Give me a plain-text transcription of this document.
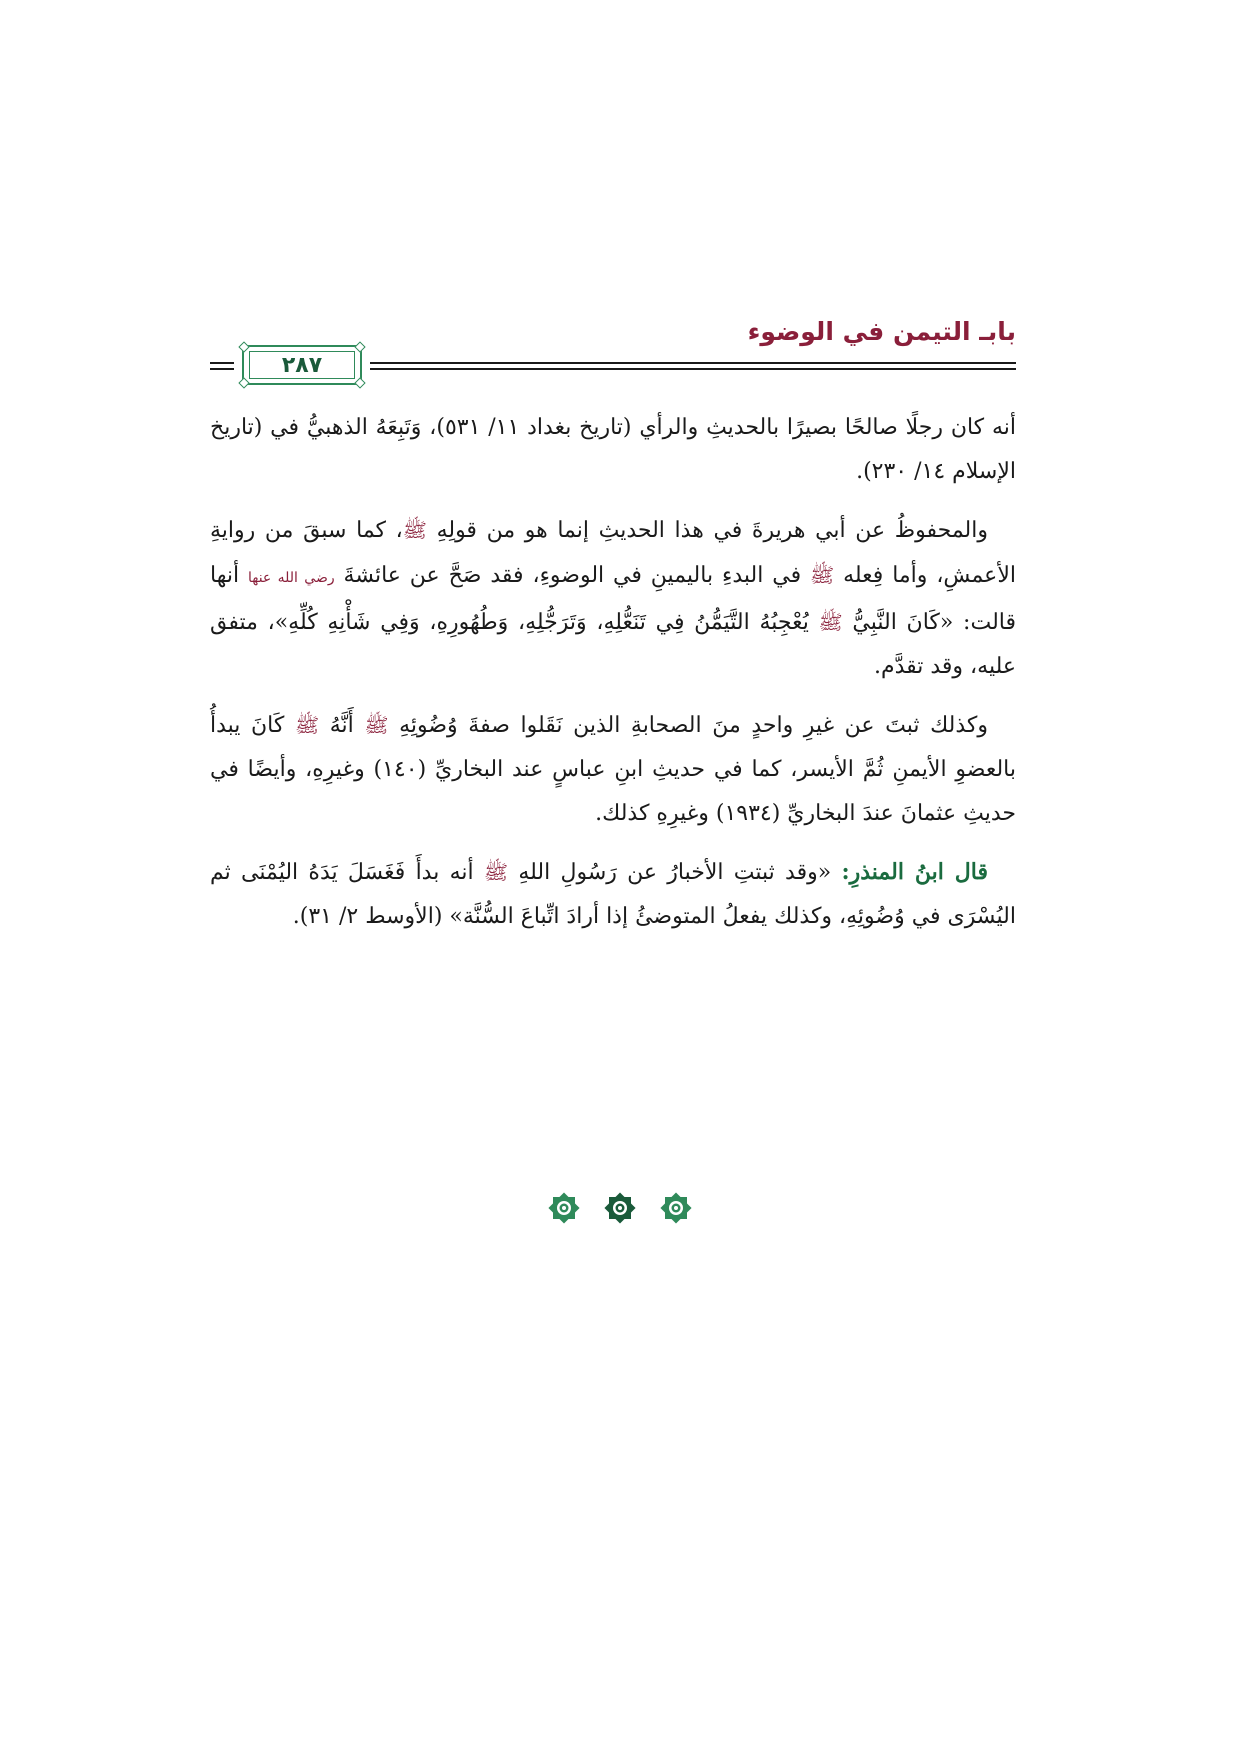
بابـ التيمن في الوضوء
٢٨٧

أنه كان رجلًا صالحًا بصيرًا بالحديثِ والرأي (تاريخ بغداد ١١/ ٥٣١)، وَتَبِعَهُ الذهبيُّ في (تاريخ الإسلام ١٤/ ٢٣٠).

والمحفوظُ عن أبي هريرةَ في هذا الحديثِ إنما هو من قولِهِ ﷺ، كما سبقَ من روايةِ الأعمشِ، وأما فِعله ﷺ في البدءِ باليمينِ في الوضوءِ، فقد صَحَّ عن عائشةَ رضي الله عنها أنها قالت: «كَانَ النَّبِيُّ ﷺ يُعْجِبُهُ التَّيَمُّنُ فِي تَنَعُّلِهِ، وَتَرَجُّلِهِ، وَطُهُورِهِ، وَفِي شَأْنِهِ كُلِّهِ»، متفق عليه، وقد تقدَّم.

وكذلك ثبتَ عن غيرِ واحدٍ منَ الصحابةِ الذين نَقَلوا صفةَ وُضُوئِهِ ﷺ أَنَّهُ ﷺ كَانَ يبدأُ بالعضوِ الأيمنِ ثُمَّ الأيسر، كما في حديثِ ابنِ عباسٍ عند البخاريِّ (١٤٠) وغيرِهِ، وأيضًا في حديثِ عثمانَ عندَ البخاريِّ (١٩٣٤) وغيرِهِ كذلك.

قال ابنُ المنذرِ: «وقد ثبتتِ الأخبارُ عن رَسُولِ اللهِ ﷺ أنه بدأَ فَغَسَلَ يَدَهُ اليُمْنَى ثم اليُسْرَى في وُضُوئِهِ، وكذلك يفعلُ المتوضئُ إذا أرادَ اتِّباعَ السُّنَّة» (الأوسط ٢/ ٣١).
